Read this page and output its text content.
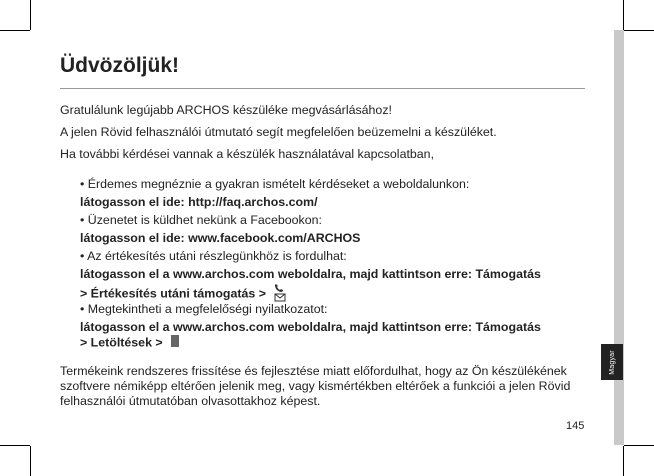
Magyar
Üdvözöljük!
Gratulálunk legújabb ARCHOS készüléke megvásárlásához!
A jelen Rövid felhasználói útmutató segít megfelelően beüzemelni a készüléket.
Ha további kérdései vannak a készülék használatával kapcsolatban,
• Érdemes megnéznie a gyakran ismételt kérdéseket a weboldalunkon:
látogasson el ide: http://faq.archos.com/
• Üzenetet is küldhet nekünk a Facebookon:
látogasson el ide: www.facebook.com/ARCHOS
• Az értékesítés utáni részlegünkhöz is fordulhat:
látogasson el a www.archos.com weboldalra, majd kattintson erre: Támogatás
> Értékesítés utáni támogatás >
• Megtekintheti a megfelelőségi nyilatkozatot:
látogasson el a www.archos.com weboldalra, majd kattintson erre: Támogatás
> Letöltések >
Termékeink rendszeres frissítése és fejlesztése miatt előfordulhat, hogy az Ön készülékének szoftvere némiképp eltérően jelenik meg, vagy kismértékben eltérőek a funkciói a jelen Rövid felhasználói útmutatóban olvasottakhoz képest.
145
